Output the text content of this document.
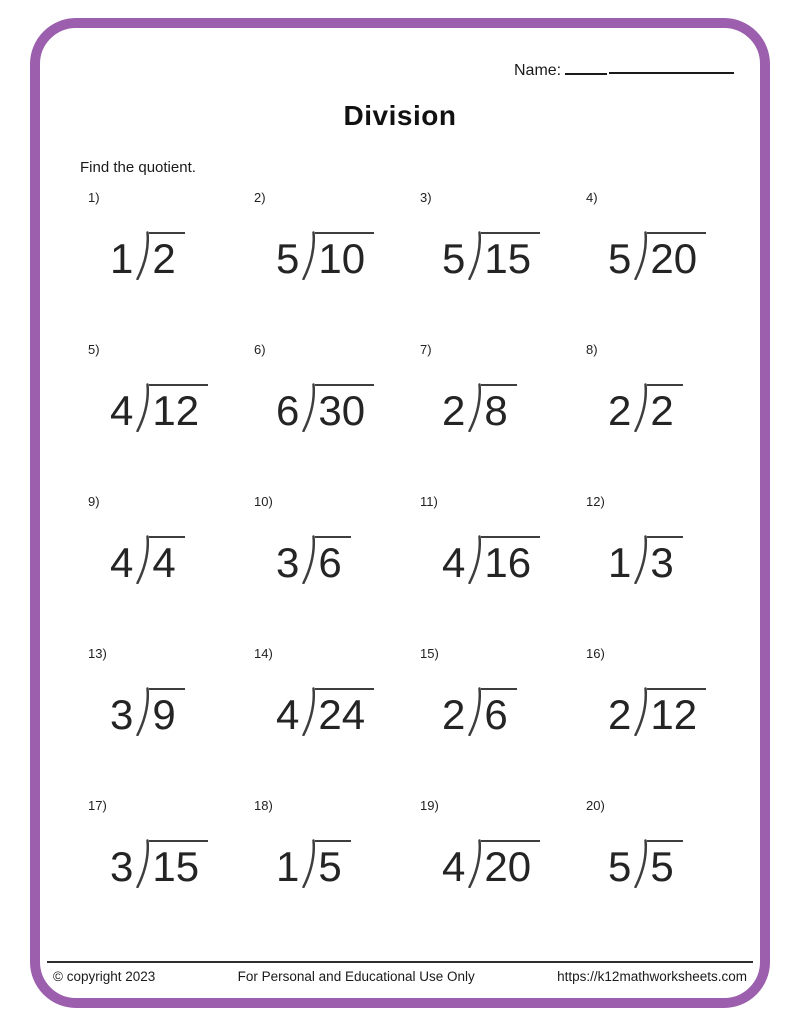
Name:
Division
Find the quotient.
1)
1 2
2)
5 10
3)
5 15
4)
5 20
5)
4 12
6)
6 30
7)
2 8
8)
2 2
9)
4 4
10)
3 6
11)
4 16
12)
1 3
13)
3 9
14)
4 24
15)
2 6
16)
2 12
17)
3 15
18)
1 5
19)
4 20
20)
5 5
© copyright 2023	For Personal and Educational Use Only	https://k12mathworksheets.com
